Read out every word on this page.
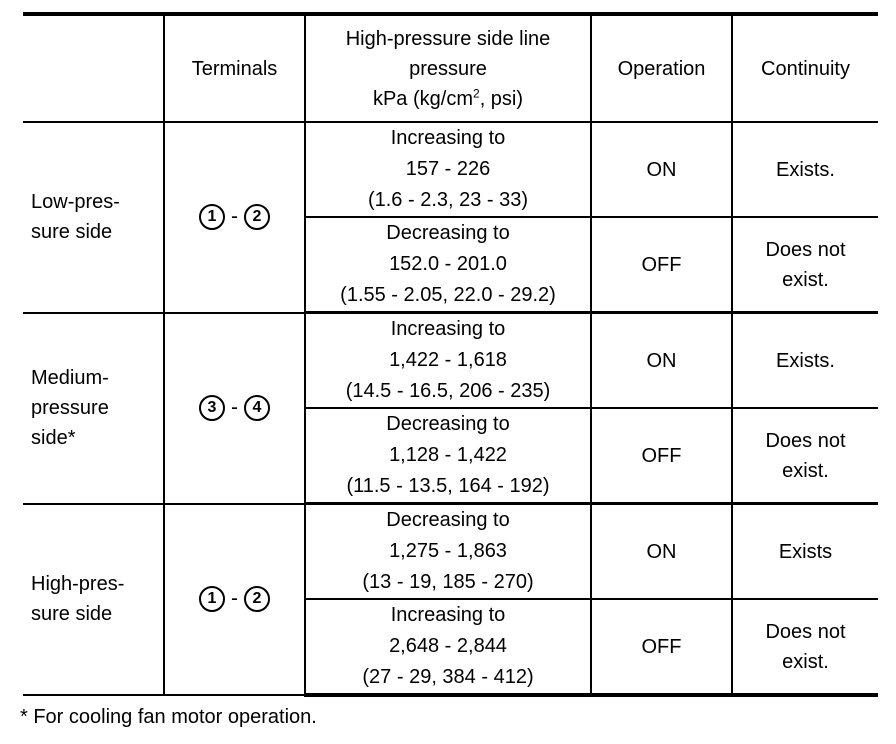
	Terminals	High-pressure side line
pressure
kPa ($kg/cm^2$, psi)	Operation	Continuity

Low-pres-
sure side	1 - 2	Increasing to
157 - 226
(1.6 - 2.3, 23 - 33)	ON	Exists.

		Decreasing to
152.0 - 201.0
(1.55 - 2.05, 22.0 - 29.2)	OFF	Does not
exist.

Medium-
pressure
side*	3 - 4	Increasing to
1,422 - 1,618
(14.5 - 16.5, 206 - 235)	ON	Exists.

		Decreasing to
1,128 - 1,422
(11.5 - 13.5, 164 - 192)	OFF	Does not
exist.

High-pres-
sure side	1 - 2	Decreasing to
1,275 - 1,863
(13 - 19, 185 - 270)	ON	Exists

		Increasing to
2,648 - 2,844
(27 - 29, 384 - 412)	OFF	Does not
exist.
* For cooling fan motor operation.
